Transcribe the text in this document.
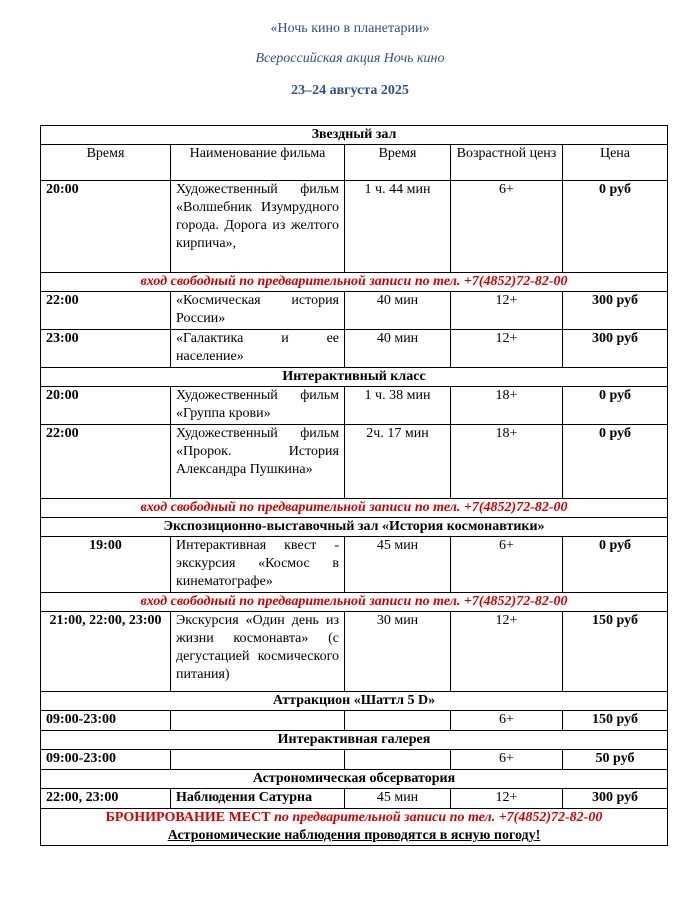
«Ночь кино в планетарии»
Всероссийская акция Ночь кино
23–24 августа 2025
Звездный зал				
Время	Наименование фильма	Время	Возрастной ценз	Цена
20:00	Художественный фильм «Волшебник Изумрудного города. Дорога из желтого кирпича»,	1 ч. 44 мин	6+	0 руб
вход свободный по предварительной записи по тел. +7(4852)72-82-00				
22:00	«Космическая история России»	40 мин	12+	300 руб
23:00	«Галактика и ее население»	40 мин	12+	300 руб
Интерактивный класс				
20:00	Художественный фильм «Группа крови»	1 ч. 38 мин	18+	0 руб
22:00	Художественный фильм «Пророк. История Александра Пушкина»	2ч. 17 мин	18+	0 руб
вход свободный по предварительной записи по тел. +7(4852)72-82-00				
Экспозиционно-выставочный зал «История космонавтики»				
19:00	Интерактивная квест - экскурсия «Космос в кинематографе»	45 мин	6+	0 руб
вход свободный по предварительной записи по тел. +7(4852)72-82-00				
21:00, 22:00, 23:00	Экскурсия «Один день из жизни космонавта» (с дегустацией космического питания)	30 мин	12+	150 руб
Аттракцион «Шаттл 5 D»				
09:00-23:00			6+	150 руб
Интерактивная галерея				
09:00-23:00			6+	50 руб
Астрономическая обсерватория				
22:00, 23:00	Наблюдения Сатурна	45 мин	12+	300 руб
БРОНИРОВАНИЕ МЕСТ по предварительной записи по тел. +7(4852)72-82-00
Астрономические наблюдения проводятся в ясную погоду!				
